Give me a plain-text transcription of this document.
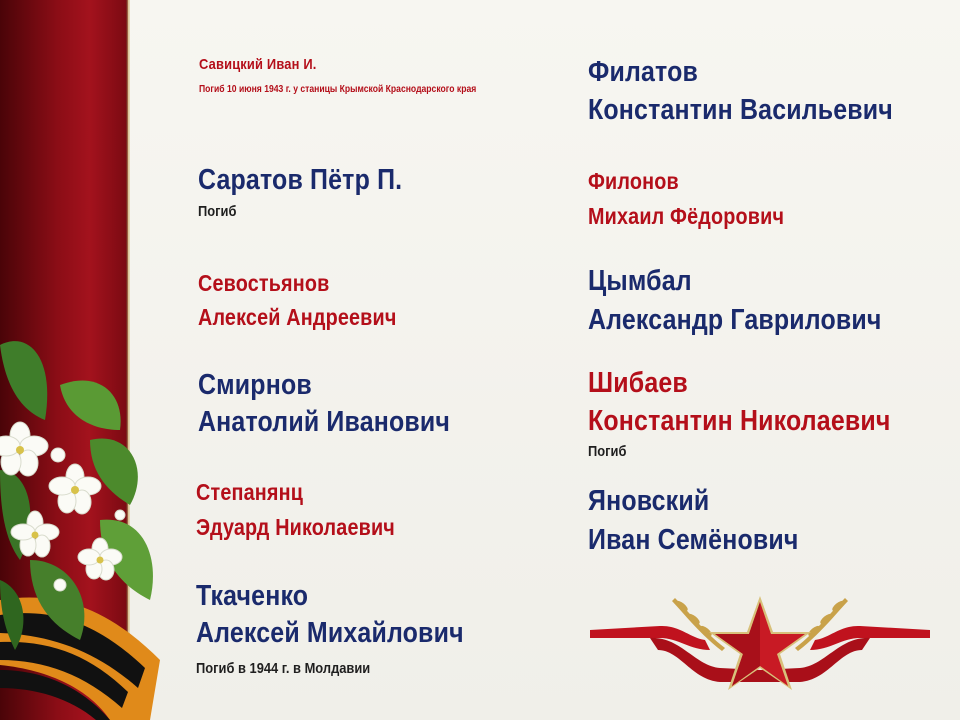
Савицкий Иван И.
Погиб 10 июня 1943 г. у станицы Крымской Краснодарского края
Саратов Пётр П.
Погиб
Севостьянов
Алексей Андреевич
Смирнов
Анатолий Иванович
Степанянц
Эдуард Николаевич
Ткаченко
Алексей Михайлович
Погиб в 1944 г. в Молдавии
Филатов
Константин Васильевич
Филонов
Михаил Фёдорович
Цымбал
Александр Гаврилович
Шибаев
Константин Николаевич
Погиб
Яновский
Иван Семёнович
